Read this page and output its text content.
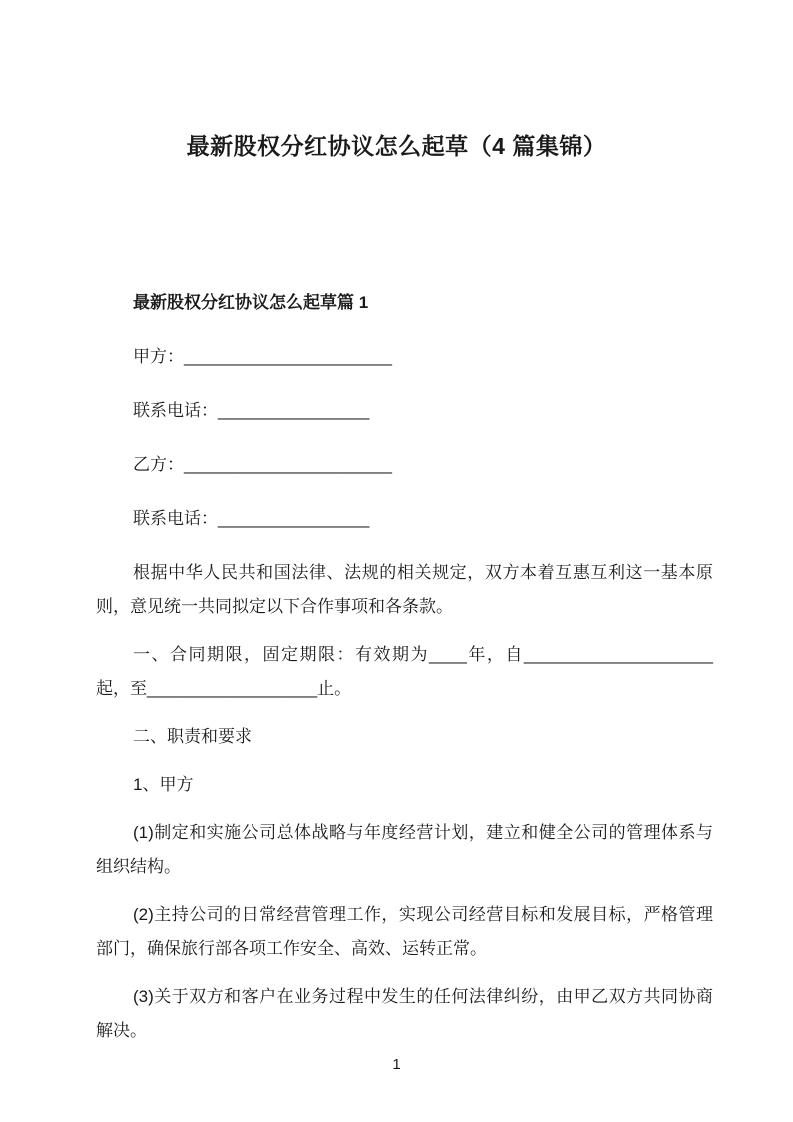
最新股权分红协议怎么起草（4 篇集锦）
最新股权分红协议怎么起草篇 1

甲方：______________________

联系电话：________________

乙方：______________________

联系电话：________________

根据中华人民共和国法律、法规的相关规定，双方本着互惠互利这一基本原则，意见统一共同拟定以下合作事项和各条款。

一、合同期限，固定期限：有效期为____年，自____________________起，至__________________止。

二、职责和要求

1、甲方

(1)制定和实施公司总体战略与年度经营计划，建立和健全公司的管理体系与组织结构。

(2)主持公司的日常经营管理工作，实现公司经营目标和发展目标，严格管理部门，确保旅行部各项工作安全、高效、运转正常。

(3)关于双方和客户在业务过程中发生的任何法律纠纷，由甲乙双方共同协商解决。

1
